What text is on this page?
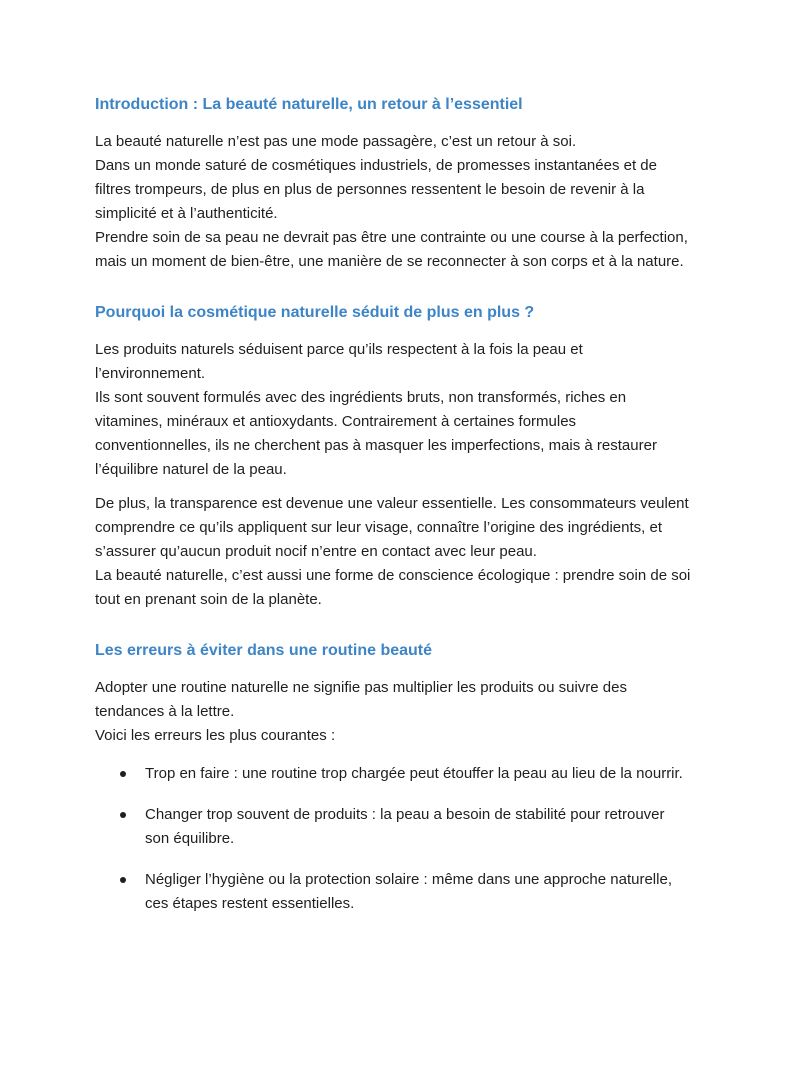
Introduction : La beauté naturelle, un retour à l’essentiel
La beauté naturelle n’est pas une mode passagère, c’est un retour à soi.
Dans un monde saturé de cosmétiques industriels, de promesses instantanées et de filtres trompeurs, de plus en plus de personnes ressentent le besoin de revenir à la simplicité et à l’authenticité.
Prendre soin de sa peau ne devrait pas être une contrainte ou une course à la perfection, mais un moment de bien-être, une manière de se reconnecter à son corps et à la nature.
Pourquoi la cosmétique naturelle séduit de plus en plus ?
Les produits naturels séduisent parce qu’ils respectent à la fois la peau et l’environnement.
Ils sont souvent formulés avec des ingrédients bruts, non transformés, riches en vitamines, minéraux et antioxydants. Contrairement à certaines formules conventionnelles, ils ne cherchent pas à masquer les imperfections, mais à restaurer l’équilibre naturel de la peau.
De plus, la transparence est devenue une valeur essentielle. Les consommateurs veulent comprendre ce qu’ils appliquent sur leur visage, connaître l’origine des ingrédients, et s’assurer qu’aucun produit nocif n’entre en contact avec leur peau.
La beauté naturelle, c’est aussi une forme de conscience écologique : prendre soin de soi tout en prenant soin de la planète.
Les erreurs à éviter dans une routine beauté
Adopter une routine naturelle ne signifie pas multiplier les produits ou suivre des tendances à la lettre.
Voici les erreurs les plus courantes :
Trop en faire : une routine trop chargée peut étouffer la peau au lieu de la nourrir.
Changer trop souvent de produits : la peau a besoin de stabilité pour retrouver son équilibre.
Négliger l’hygiène ou la protection solaire : même dans une approche naturelle, ces étapes restent essentielles.
